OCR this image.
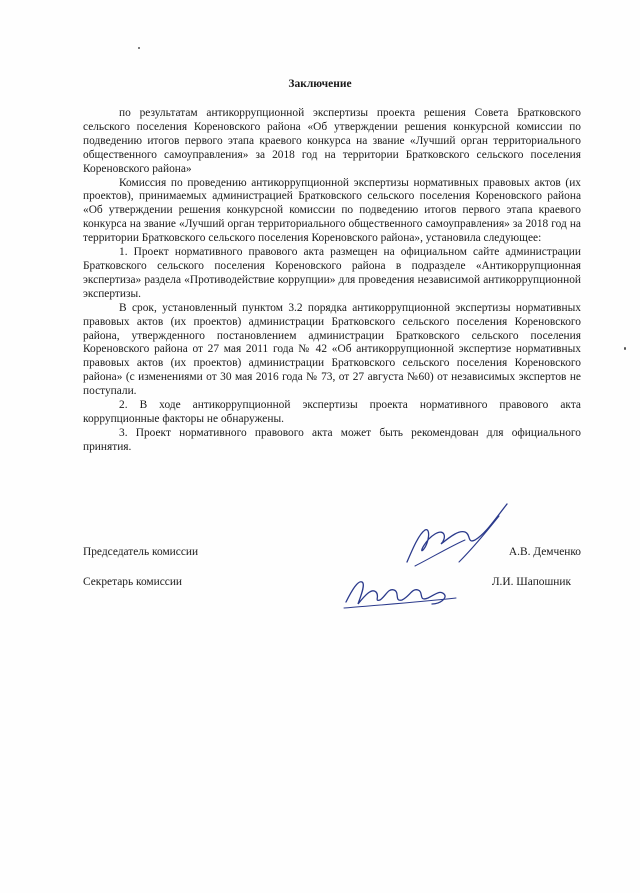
Заключение

по результатам антикоррупционной экспертизы проекта решения Совета Братковского сельского поселения Кореновского района «Об утверждении решения конкурсной комиссии по подведению итогов первого этапа краевого конкурса на звание «Лучший орган территориального общественного самоуправления» за 2018 год на территории Братковского сельского поселения Кореновского района»

Комиссия по проведению антикоррупционной экспертизы нормативных правовых актов (их проектов), принимаемых администрацией Братковского сельского поселения Кореновского района «Об утверждении решения конкурсной комиссии по подведению итогов первого этапа краевого конкурса на звание «Лучший орган территориального общественного самоуправления» за 2018 год на территории Братковского сельского поселения Кореновского района», установила следующее:

1. Проект нормативного правового акта размещен на официальном сайте администрации Братковского сельского поселения Кореновского района в подразделе «Антикоррупционная экспертиза» раздела «Противодействие коррупции» для проведения независимой антикоррупционной экспертизы.

В срок, установленный пунктом 3.2 порядка антикоррупционной экспертизы нормативных правовых актов (их проектов) администрации Братковского сельского поселения Кореновского района, утвержденного постановлением администрации Братковского сельского поселения Кореновского района от 27 мая 2011 года № 42 «Об антикоррупционной экспертизе нормативных правовых актов (их проектов) администрации Братковского сельского поселения Кореновского района» (с изменениями от 30 мая 2016 года № 73, от 27 августа №60) от независимых экспертов не поступали.

2. В ходе антикоррупционной экспертизы проекта нормативного правового акта коррупционные факторы не обнаружены.

3. Проект нормативного правового акта может быть рекомендован для официального принятия.

Председатель комиссии	А.В. Демченко
Секретарь комиссии	Л.И. Шапошник
